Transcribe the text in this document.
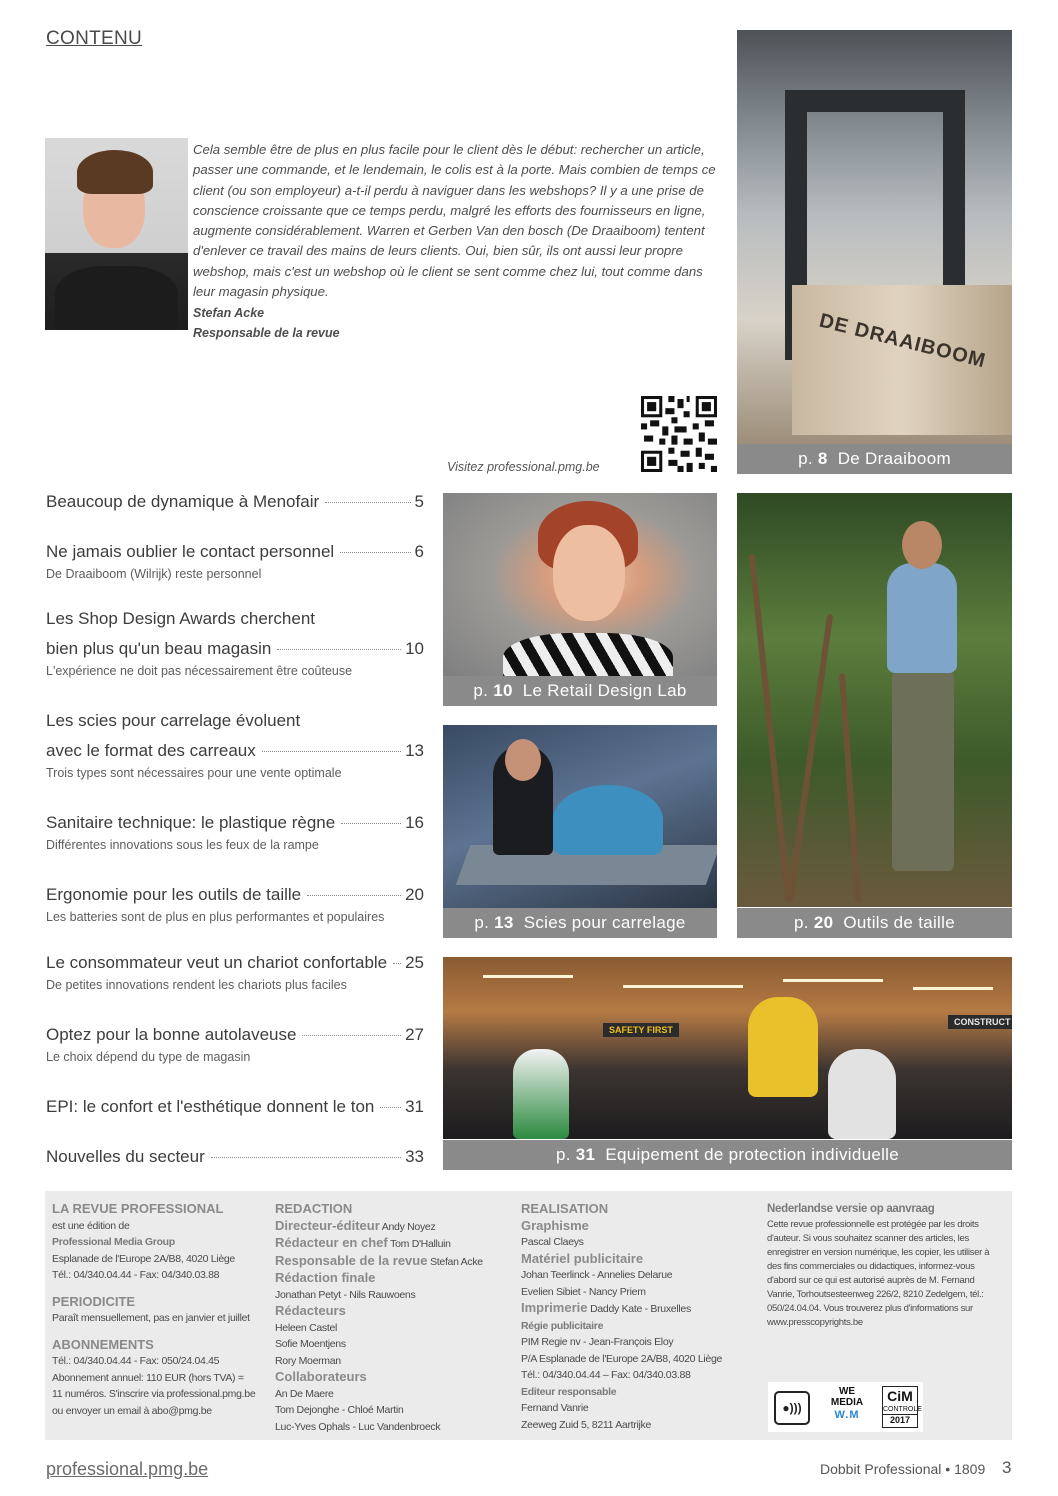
CONTENU
Cela semble être de plus en plus facile pour le client dès le début: rechercher un article, passer une commande, et le lendemain, le colis est à la porte. Mais combien de temps ce client (ou son employeur) a-t-il perdu à naviguer dans les webshops? Il y a une prise de conscience croissante que ce temps perdu, malgré les efforts des fournisseurs en ligne, augmente considérablement. Warren et Gerben Van den bosch (De Draaiboom) tentent d'enlever ce travail des mains de leurs clients. Oui, bien sûr, ils ont aussi leur propre webshop, mais c'est un webshop où le client se sent comme chez lui, tout comme dans leur magasin physique.
Stefan Acke
Responsable de la revue
Visitez professional.pmg.be
DE DRAAIBOOM
p. 8 De Draaiboom
p. 10 Le Retail Design Lab
p. 13 Scies pour carrelage	p. 20 Outils de taille
SAFETY FIRST
CONSTRUCT
p. 31 Equipement de protection individuelle
Beaucoup de dynamique à Menofair	5
Ne jamais oublier le contact personnel	6
De Draaiboom (Wilrijk) reste personnel
Les Shop Design Awards cherchent
bien plus qu'un beau magasin	10
L'expérience ne doit pas nécessairement être coûteuse
Les scies pour carrelage évoluent
avec le format des carreaux	13
Trois types sont nécessaires pour une vente optimale
Sanitaire technique: le plastique règne	16
Différentes innovations sous les feux de la rampe
Ergonomie pour les outils de taille	20
Les batteries sont de plus en plus performantes et populaires
Le consommateur veut un chariot confortable 25
De petites innovations rendent les chariots plus faciles
Optez pour la bonne autolaveuse	27
Le choix dépend du type de magasin
EPI: le confort et l'esthétique donnent le ton 31
Nouvelles du secteur	33
LA REVUE PROFESSIONAL
est une édition de
Professional Media Group
Esplanade de l'Europe 2A/B8, 4020 Liège
Tél.: 04/340.04.44 - Fax: 04/340.03.88
PERIODICITE
Paraît mensuellement, pas en janvier et juillet
ABONNEMENTS
Tél.: 04/340.04.44 - Fax: 050/24.04.45
Abonnement annuel: 110 EUR (hors TVA) =
11 numéros. S'inscrire via professional.pmg.be
ou envoyer un email à abo@pmg.be
REDACTION
Directeur-éditeur Andy Noyez
Rédacteur en chef Tom D'Halluin
Responsable de la revue Stefan Acke
Rédaction finale
Jonathan Petyt - Nils Rauwoens
Rédacteurs
Heleen Castel
Sofie Moentjens
Rory Moerman
Collaborateurs
An De Maere
Tom Dejonghe - Chloé Martin
Luc-Yves Ophals - Luc Vandenbroeck
REALISATION
Graphisme
Pascal Claeys
Matériel publicitaire
Johan Teerlinck - Annelies Delarue
Evelien Sibiet - Nancy Priem
Imprimerie Daddy Kate - Bruxelles
Régie publicitaire
PIM Regie nv - Jean-François Eloy
P/A Esplanade de l'Europe 2A/B8, 4020 Liège
Tél.: 04/340.04.44 – Fax: 04/340.03.88
Editeur responsable
Fernand Vanrie
Zeeweg Zuid 5, 8211 Aartrijke
Nederlandse versie op aanvraag
Cette revue professionnelle est protégée par les droits d'auteur. Si vous souhaitez scanner des articles, les enregistrer en version numérique, les copier, les utiliser à des fins commerciales ou didactiques, informez-vous d'abord sur ce qui est autorisé auprès de M. Fernand Vanrie, Torhoutsesteenweg 226/2, 8210 Zedelgem, tél.: 050/24.04.04. Vous trouverez plus d'informations sur www.presscopyrights.be
●)))
WE
MEDIA
W.M
CiM
CONTROLE
2017
professional.pmg.be	Dobbit Professional • 1809 3
